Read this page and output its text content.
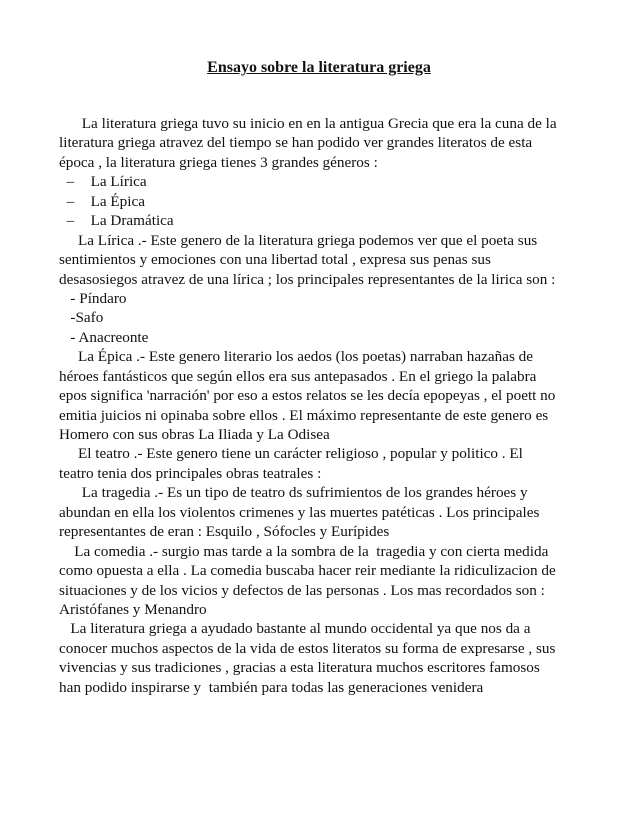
Ensayo sobre la literatura griega
La literatura griega tuvo su inicio en en la antigua Grecia que era la cuna de la
literatura griega atravez del tiempo se han podido ver grandes literatos de esta
época , la literatura griega tienes 3 grandes géneros :
– La Lírica
– La Épica
– La Dramática
La Lírica .- Este genero de la literatura griega podemos ver que el poeta sus
sentimientos y emociones con una libertad total , expresa sus penas sus
desasosiegos atravez de una lírica ; los principales representantes de la lirica son :
- Píndaro
-Safo
- Anacreonte
La Épica .- Este genero literario los aedos (los poetas) narraban hazañas de
héroes fantásticos que según ellos era sus antepasados . En el griego la palabra
epos significa 'narración' por eso a estos relatos se les decía epopeyas , el poett no
emitia juicios ni opinaba sobre ellos . El máximo representante de este genero es
Homero con sus obras La Iliada y La Odisea
El teatro .- Este genero tiene un carácter religioso , popular y politico . El
teatro tenia dos principales obras teatrales :
La tragedia .- Es un tipo de teatro ds sufrimientos de los grandes héroes y
abundan en ella los violentos crimenes y las muertes patéticas . Los principales
representantes de eran : Esquilo , Sófocles y Eurípides
La comedia .- surgio mas tarde a la sombra de la  tragedia y con cierta medida
como opuesta a ella . La comedia buscaba hacer reir mediante la ridiculizacion de
situaciones y de los vicios y defectos de las personas . Los mas recordados son :
Aristófanes y Menandro
La literatura griega a ayudado bastante al mundo occidental ya que nos da a
conocer muchos aspectos de la vida de estos literatos su forma de expresarse , sus
vivencias y sus tradiciones , gracias a esta literatura muchos escritores famosos
han podido inspirarse y  también para todas las generaciones venidera
